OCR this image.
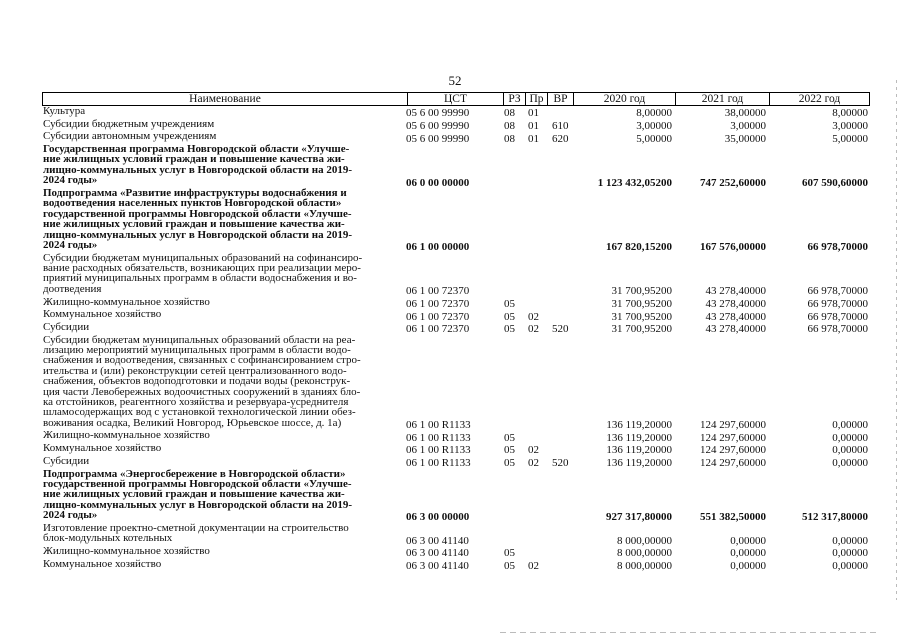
52
Наименование	ЦСТ	РЗ Пр ВР	2020 год	2021 год	2022 год
Культура	05 6 00 99990	08 01	8,00000	38,00000	8,00000
Субсидии бюджетным учреждениям	05 6 00 99990	08 01 610	3,00000	3,00000	3,00000
Субсидии автономным учреждениям	05 6 00 99990	08 01 620	5,00000	35,00000	5,00000
Государственная программа Новгородской области «Улучше-
ние жилищных условий граждан и повышение качества жи-
лищно-коммунальных услуг в Новгородской области на 2019-
2024 годы»	06 0 00 00000	1 123 432,05200	747 252,60000	607 590,60000
Подпрограмма «Развитие инфраструктуры водоснабжения и
водоотведения населенных пунктов Новгородской области»
государственной программы Новгородской области «Улучше-
ние жилищных условий граждан и повышение качества жи-
лищно-коммунальных услуг в Новгородской области на 2019-
2024 годы»	06 1 00 00000	167 820,15200	167 576,00000	66 978,70000
Субсидии бюджетам муниципальных образований на софинансиро-
вание расходных обязательств, возникающих при реализации меро-
приятий муниципальных программ в области водоснабжения и во-
доотведения	06 1 00 72370	31 700,95200	43 278,40000	66 978,70000
Жилищно-коммунальное хозяйство	06 1 00 72370	05	31 700,95200	43 278,40000	66 978,70000
Коммунальное хозяйство	06 1 00 72370	05 02	31 700,95200	43 278,40000	66 978,70000
Субсидии	06 1 00 72370	05 02 520	31 700,95200	43 278,40000	66 978,70000
Субсидии бюджетам муниципальных образований области на реа-
лизацию мероприятий муниципальных программ в области водо-
снабжения и водоотведения, связанных с софинансированием стро-
ительства и (или) реконструкции сетей централизованного водо-
снабжения, объектов водоподготовки и подачи воды (реконструк-
ция части Левобережных водоочистных сооружений в зданиях бло-
ка отстойников, реагентного хозяйства и резервуара-усреднителя
шламосодержащих вод с установкой технологической линии обез-
воживания осадка, Великий Новгород, Юрьевское шоссе, д. 1а)	06 1 00 R1133	136 119,20000	124 297,60000	0,00000
Жилищно-коммунальное хозяйство	06 1 00 R1133	05	136 119,20000	124 297,60000	0,00000
Коммунальное хозяйство	06 1 00 R1133	05 02	136 119,20000	124 297,60000	0,00000
Субсидии	06 1 00 R1133	05 02 520	136 119,20000	124 297,60000	0,00000
Подпрограмма «Энергосбережение в Новгородской области»
государственной программы Новгородской области «Улучше-
ние жилищных условий граждан и повышение качества жи-
лищно-коммунальных услуг в Новгородской области на 2019-
2024 годы»	06 3 00 00000	927 317,80000	551 382,50000	512 317,80000
Изготовление проектно-сметной документации на строительство
блок-модульных котельных	06 3 00 41140	8 000,00000	0,00000	0,00000
Жилищно-коммунальное хозяйство	06 3 00 41140	05	8 000,00000	0,00000	0,00000
Коммунальное хозяйство	06 3 00 41140	05 02	8 000,00000	0,00000	0,00000
